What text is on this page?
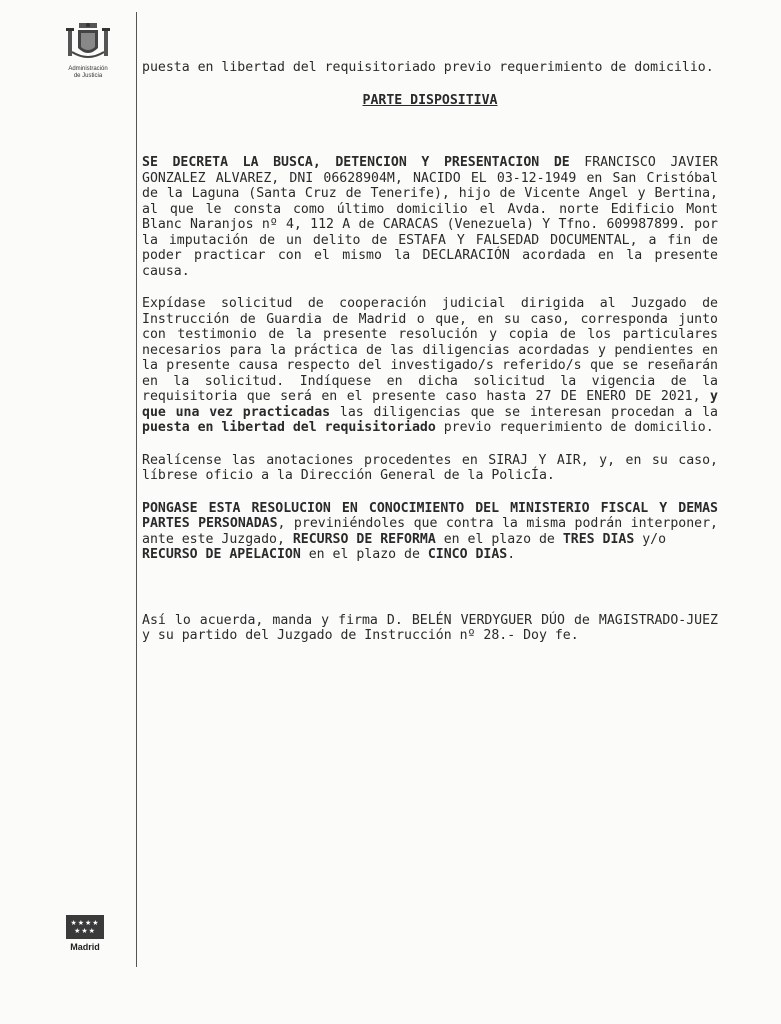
Administración
de Justicia
★★★★ ★★★
Madrid

puesta en libertad del requisitoriado previo requerimiento de domicilio.

PARTE DISPOSITIVA

SE DECRETA LA BUSCA, DETENCION Y PRESENTACION DE FRANCISCO JAVIER GONZALEZ ALVAREZ, DNI 06628904M, NACIDO EL 03-12-1949 en San Cristóbal de la Laguna (Santa Cruz de Tenerife), hijo de Vicente Angel y Bertina, al que le consta como último domicilio el Avda. norte Edificio Mont Blanc Naranjos nº 4, 112 A de CARACAS (Venezuela) Y Tfno. 609987899. por la imputación de un delito de ESTAFA Y FALSEDAD DOCUMENTAL, a fin de poder practicar con el mismo la DECLARACIÓN acordada en la presente causa.

Expídase solicitud de cooperación judicial dirigida al Juzgado de Instrucción de Guardia de Madrid o que, en su caso, corresponda junto con testimonio de la presente resolución y copia de los particulares necesarios para la práctica de las diligencias acordadas y pendientes en la presente causa respecto del investigado/s referido/s que se reseñarán en la solicitud. Indíquese en dicha solicitud la vigencia de la requisitoria que será en el presente caso hasta 27 DE ENERO DE 2021, y que una vez practicadas las diligencias que se interesan procedan a la puesta en libertad del requisitoriado previo requerimiento de domicilio.

Realícense las anotaciones procedentes en SIRAJ Y AIR, y, en su caso, líbrese oficio a la Dirección General de la PolicÍa.

PONGASE ESTA RESOLUCION EN CONOCIMIENTO DEL MINISTERIO FISCAL Y DEMAS PARTES PERSONADAS, previniéndoles que contra la misma podrán interponer, ante este Juzgado, RECURSO DE REFORMA en el plazo de TRES DIAS y/o
RECURSO DE APELACION en el plazo de CINCO DIAS.

Así lo acuerda, manda y firma D. BELÉN VERDYGUER DÚO de MAGISTRADO-JUEZ y su partido del Juzgado de Instrucción nº 28.- Doy fe.
